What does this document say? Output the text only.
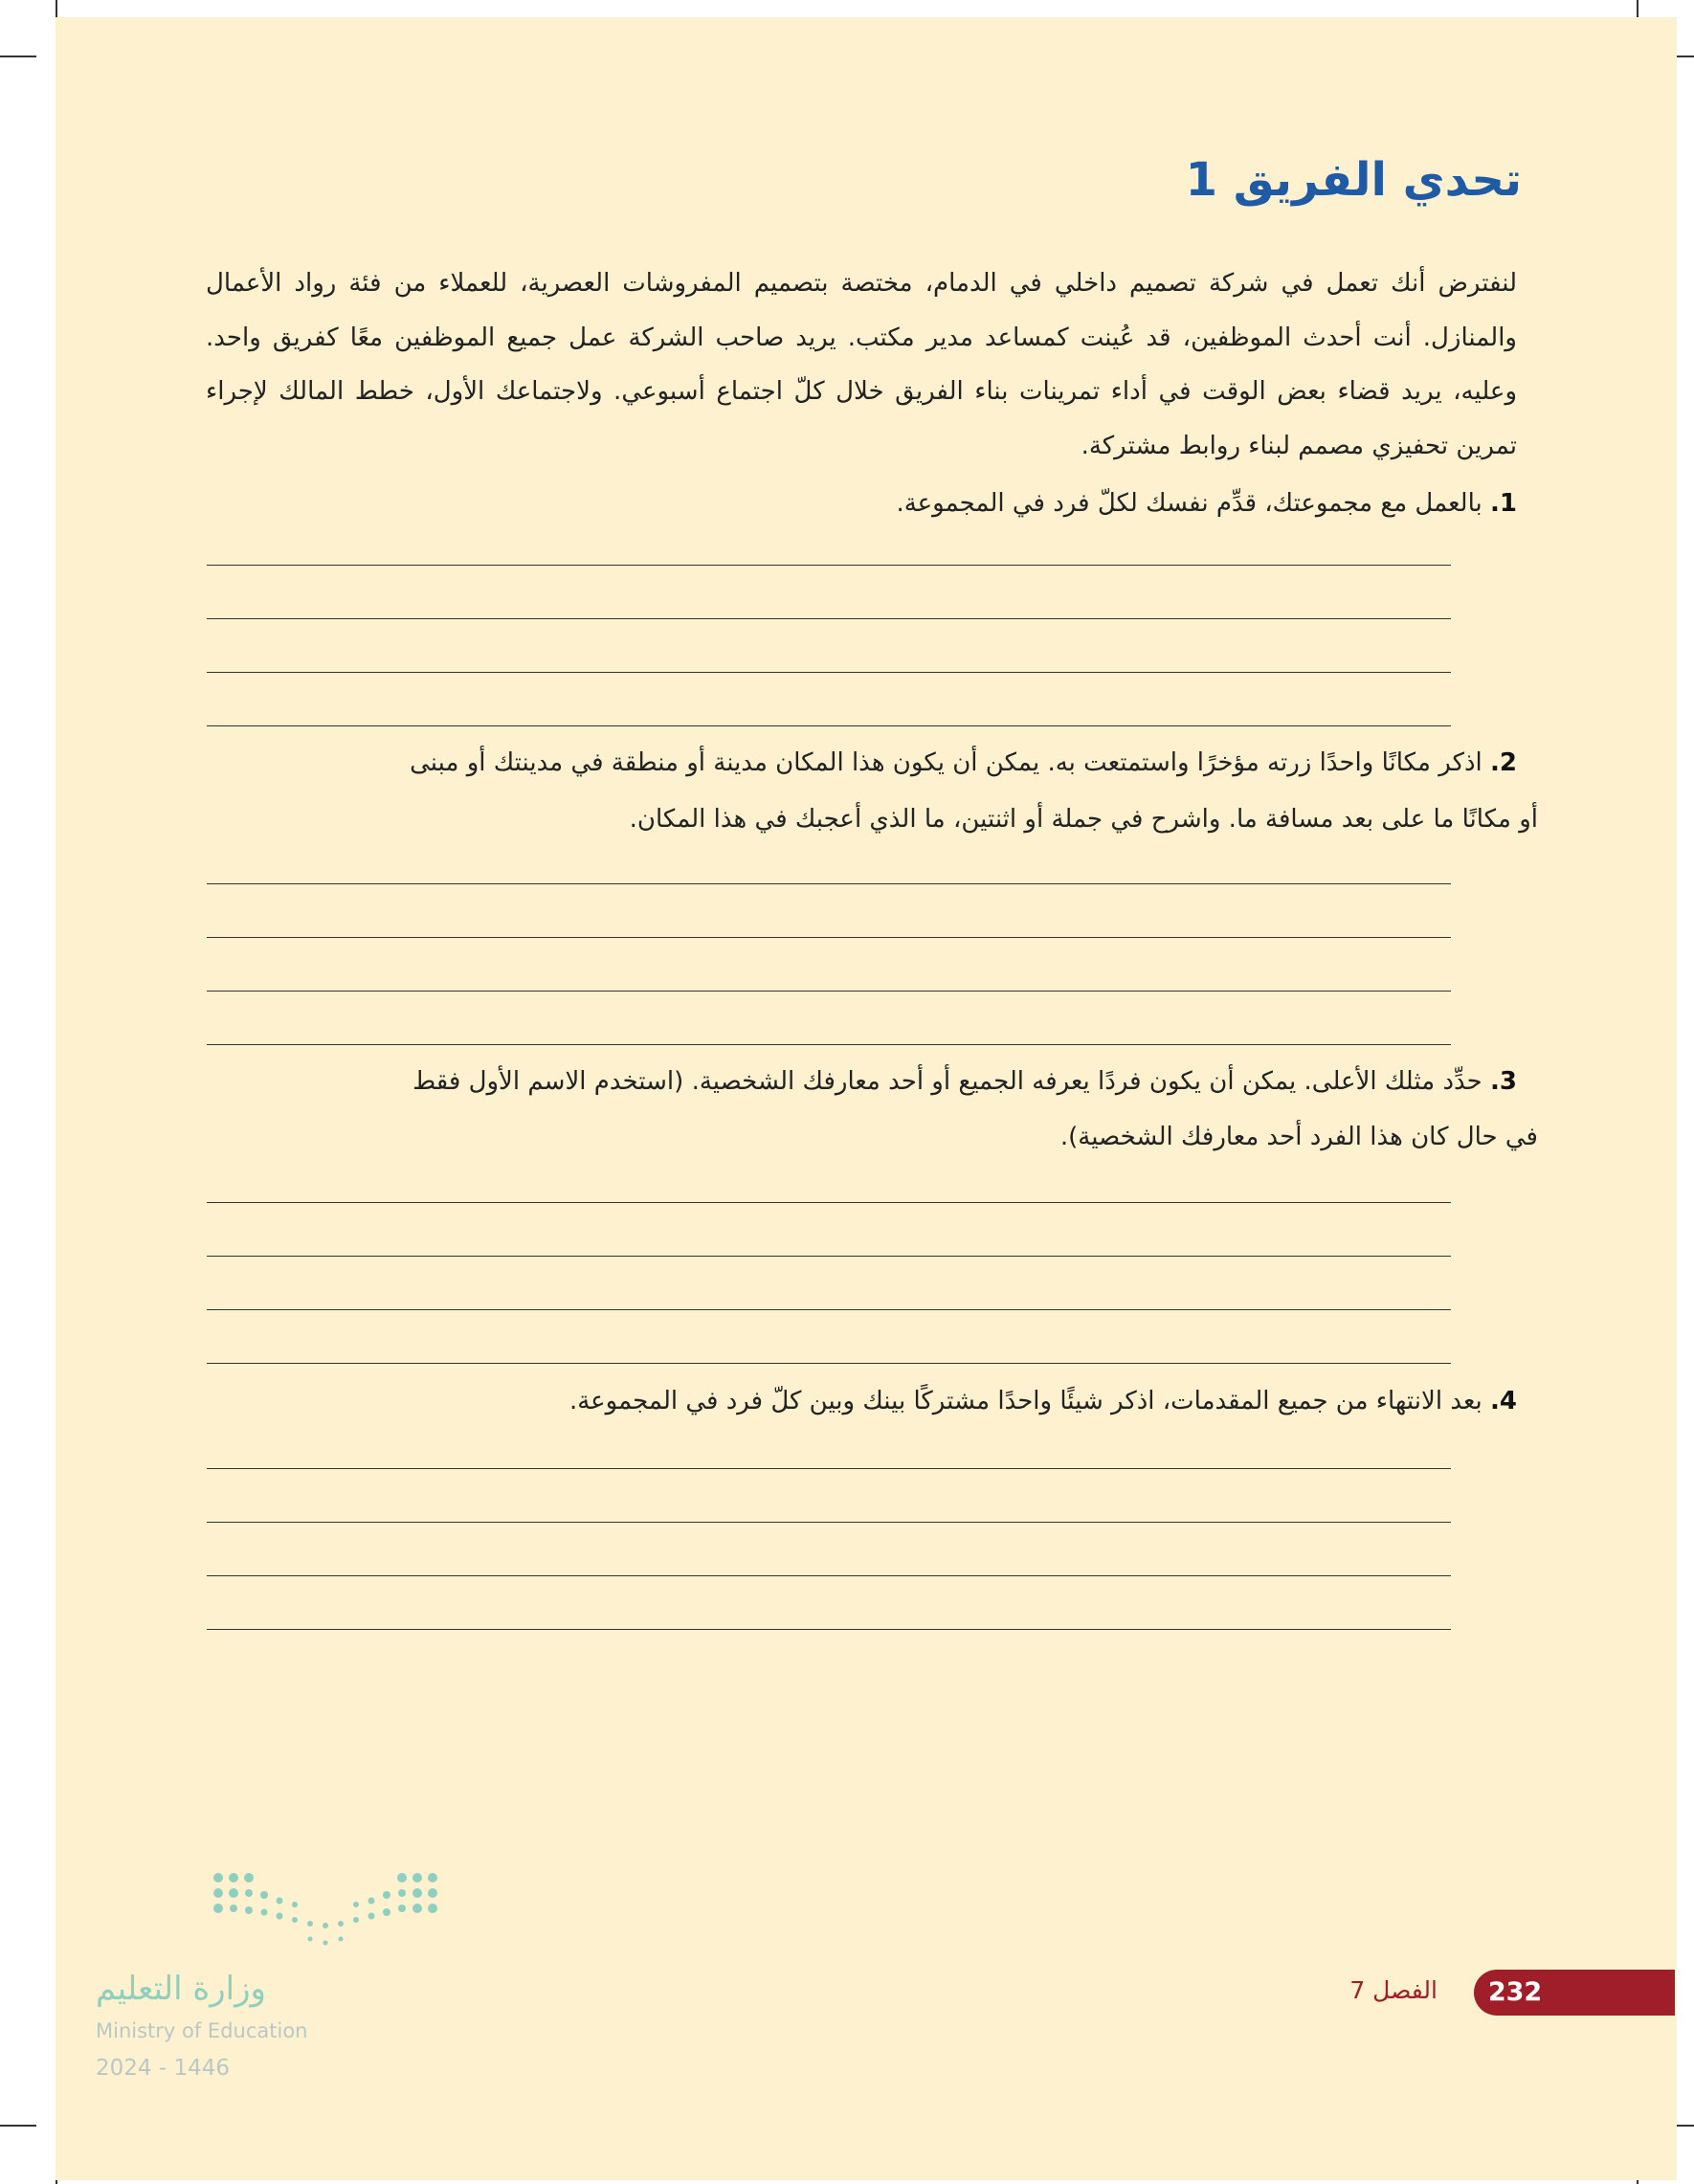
تحدي الفريق 1

لنفترض أنك تعمل في شركة تصميم داخلي في الدمام، مختصة بتصميم المفروشات العصرية، للعملاء من فئة رواد الأعمال والمنازل. أنت أحدث الموظفين، قد عُينت كمساعد مدير مكتب. يريد صاحب الشركة عمل جميع الموظفين معًا كفريق واحد. وعليه، يريد قضاء بعض الوقت في أداء تمرينات بناء الفريق خلال كلّ اجتماع أسبوعي. ولاجتماعك الأول، خطط المالك لإجراء تمرين تحفيزي مصمم لبناء روابط مشتركة.

1. بالعمل مع مجموعتك، قدِّم نفسك لكلّ فرد في المجموعة.
2. اذكر مكانًا واحدًا زرته مؤخرًا واستمتعت به. يمكن أن يكون هذا المكان مدينة أو منطقة في مدينتك أو مبنى
أو مكانًا ما على بعد مسافة ما. واشرح في جملة أو اثنتين، ما الذي أعجبك في هذا المكان.
3. حدِّد مثلك الأعلى. يمكن أن يكون فردًا يعرفه الجميع أو أحد معارفك الشخصية. (استخدم الاسم الأول فقط
في حال كان هذا الفرد أحد معارفك الشخصية).
4. بعد الانتهاء من جميع المقدمات، اذكر شيئًا واحدًا مشتركًا بينك وبين كلّ فرد في المجموعة.
232
الفصل 7
وزارة التعليم
Ministry of Education
2024 - 1446
